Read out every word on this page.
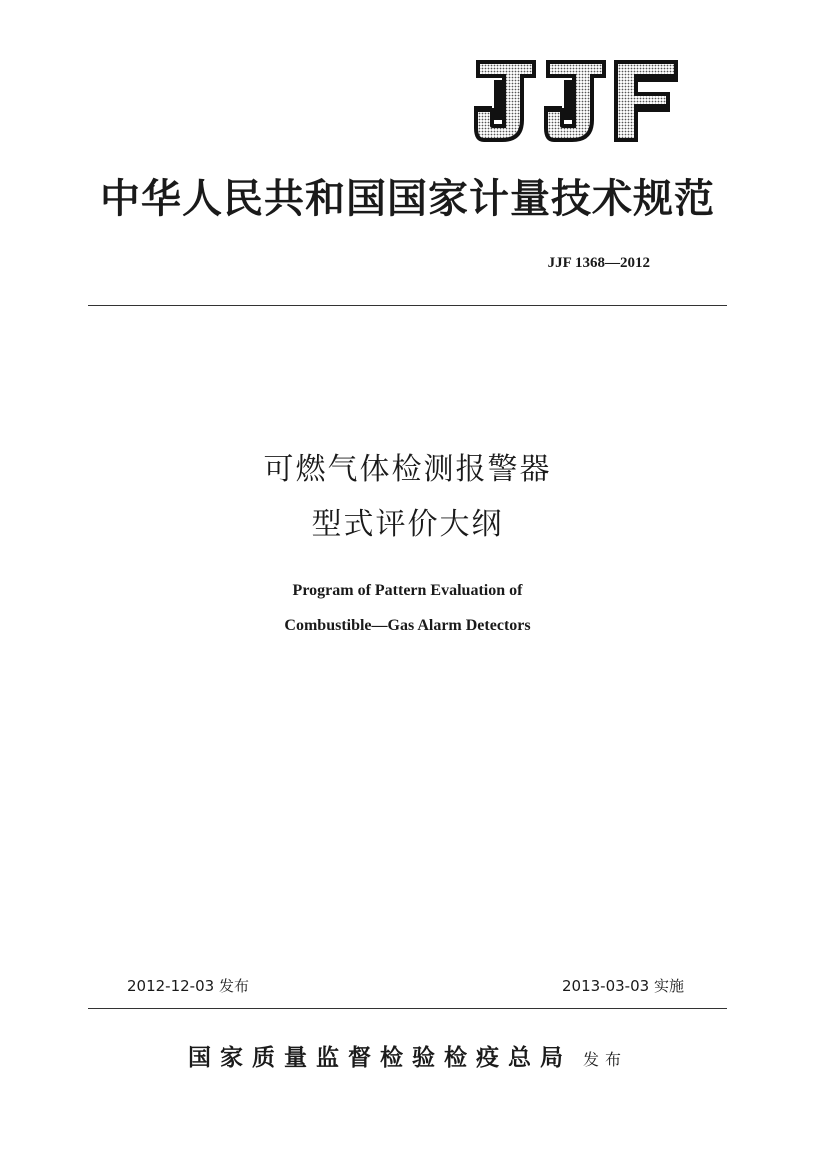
JJF
中华人民共和国国家计量技术规范
JJF 1368—2012
可燃气体检测报警器
型式评价大纲
Program of Pattern Evaluation of
Combustible—Gas Alarm Detectors
2012-12-03 发布	2013-03-03 实施
国家质量监督检验检疫总局 发布
